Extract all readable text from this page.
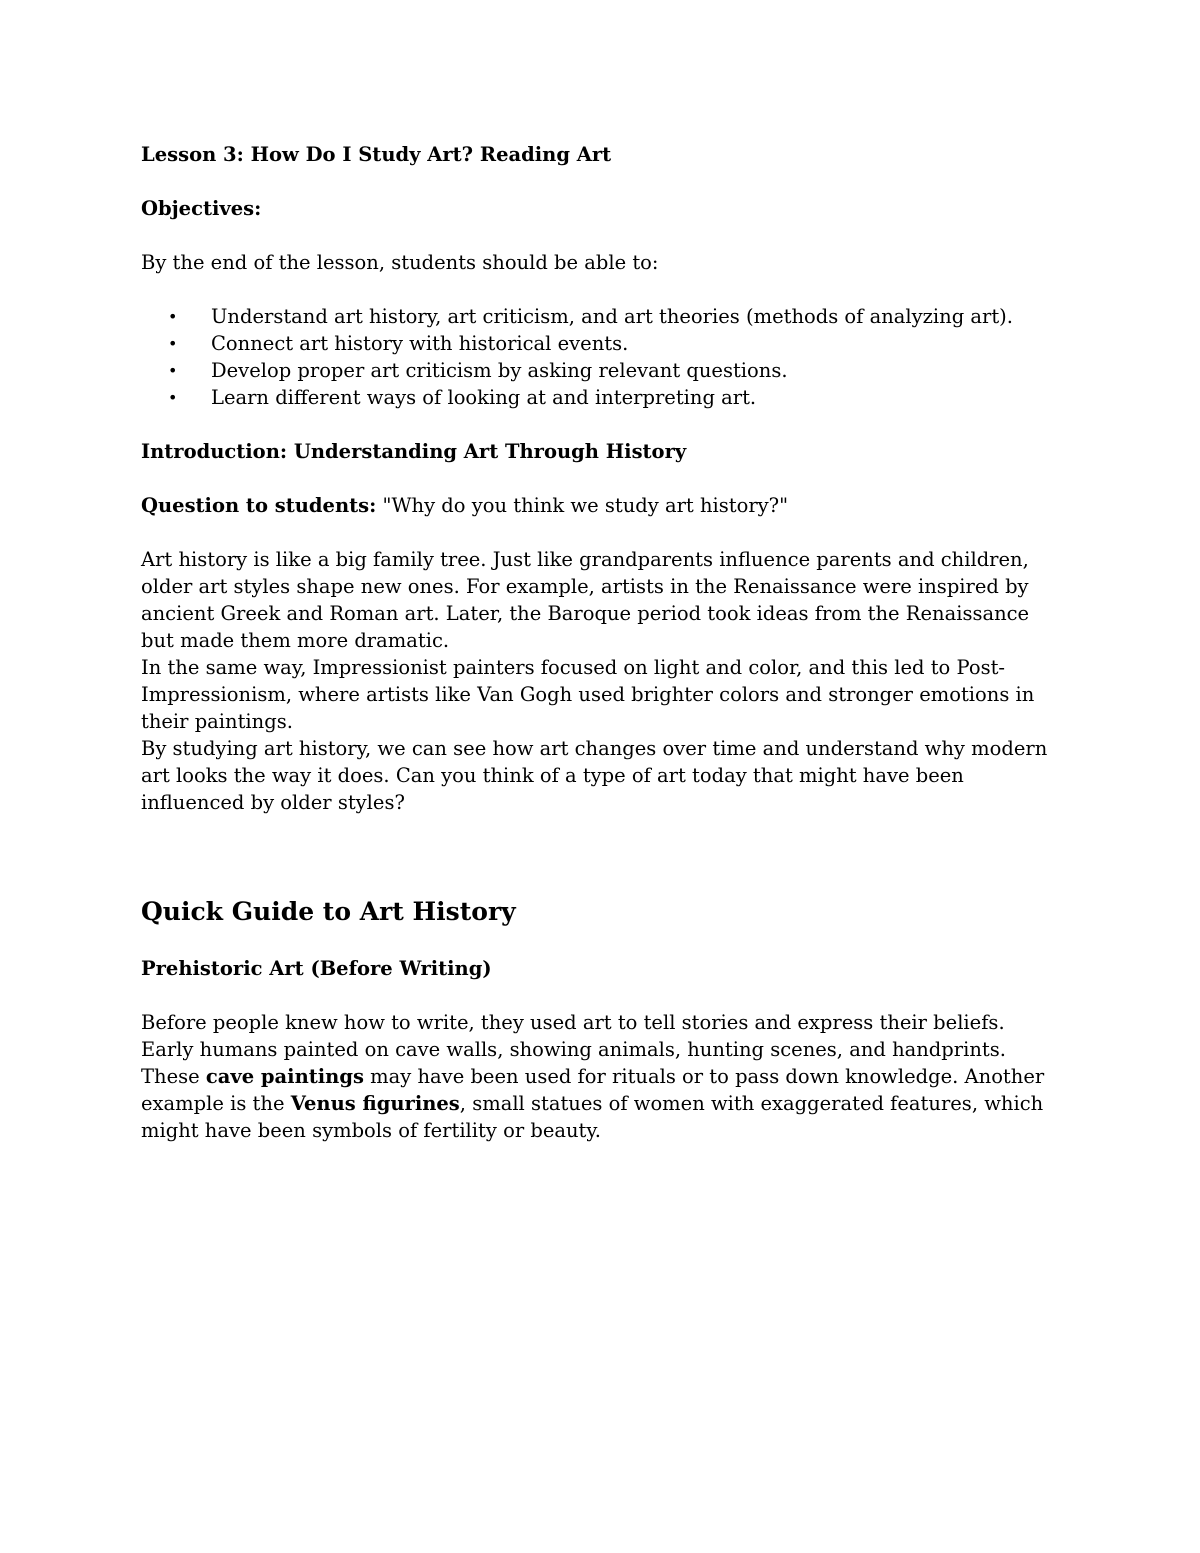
Lesson 3: How Do I Study Art? Reading Art

Objectives:

By the end of the lesson, students should be able to:

• Understand art history, art criticism, and art theories (methods of analyzing art).
• Connect art history with historical events.
• Develop proper art criticism by asking relevant questions.
• Learn different ways of looking at and interpreting art.

Introduction: Understanding Art Through History

Question to students: "Why do you think we study art history?"

Art history is like a big family tree. Just like grandparents influence parents and children, older art styles shape new ones. For example, artists in the Renaissance were inspired by ancient Greek and Roman art. Later, the Baroque period took ideas from the Renaissance but made them more dramatic.

In the same way, Impressionist painters focused on light and color, and this led to Post-Impressionism, where artists like Van Gogh used brighter colors and stronger emotions in their paintings.

By studying art history, we can see how art changes over time and understand why modern art looks the way it does. Can you think of a type of art today that might have been influenced by older styles?

Quick Guide to Art History

Prehistoric Art (Before Writing)

Before people knew how to write, they used art to tell stories and express their beliefs. Early humans painted on cave walls, showing animals, hunting scenes, and handprints. These cave paintings may have been used for rituals or to pass down knowledge. Another example is the Venus figurines, small statues of women with exaggerated features, which might have been symbols of fertility or beauty.
